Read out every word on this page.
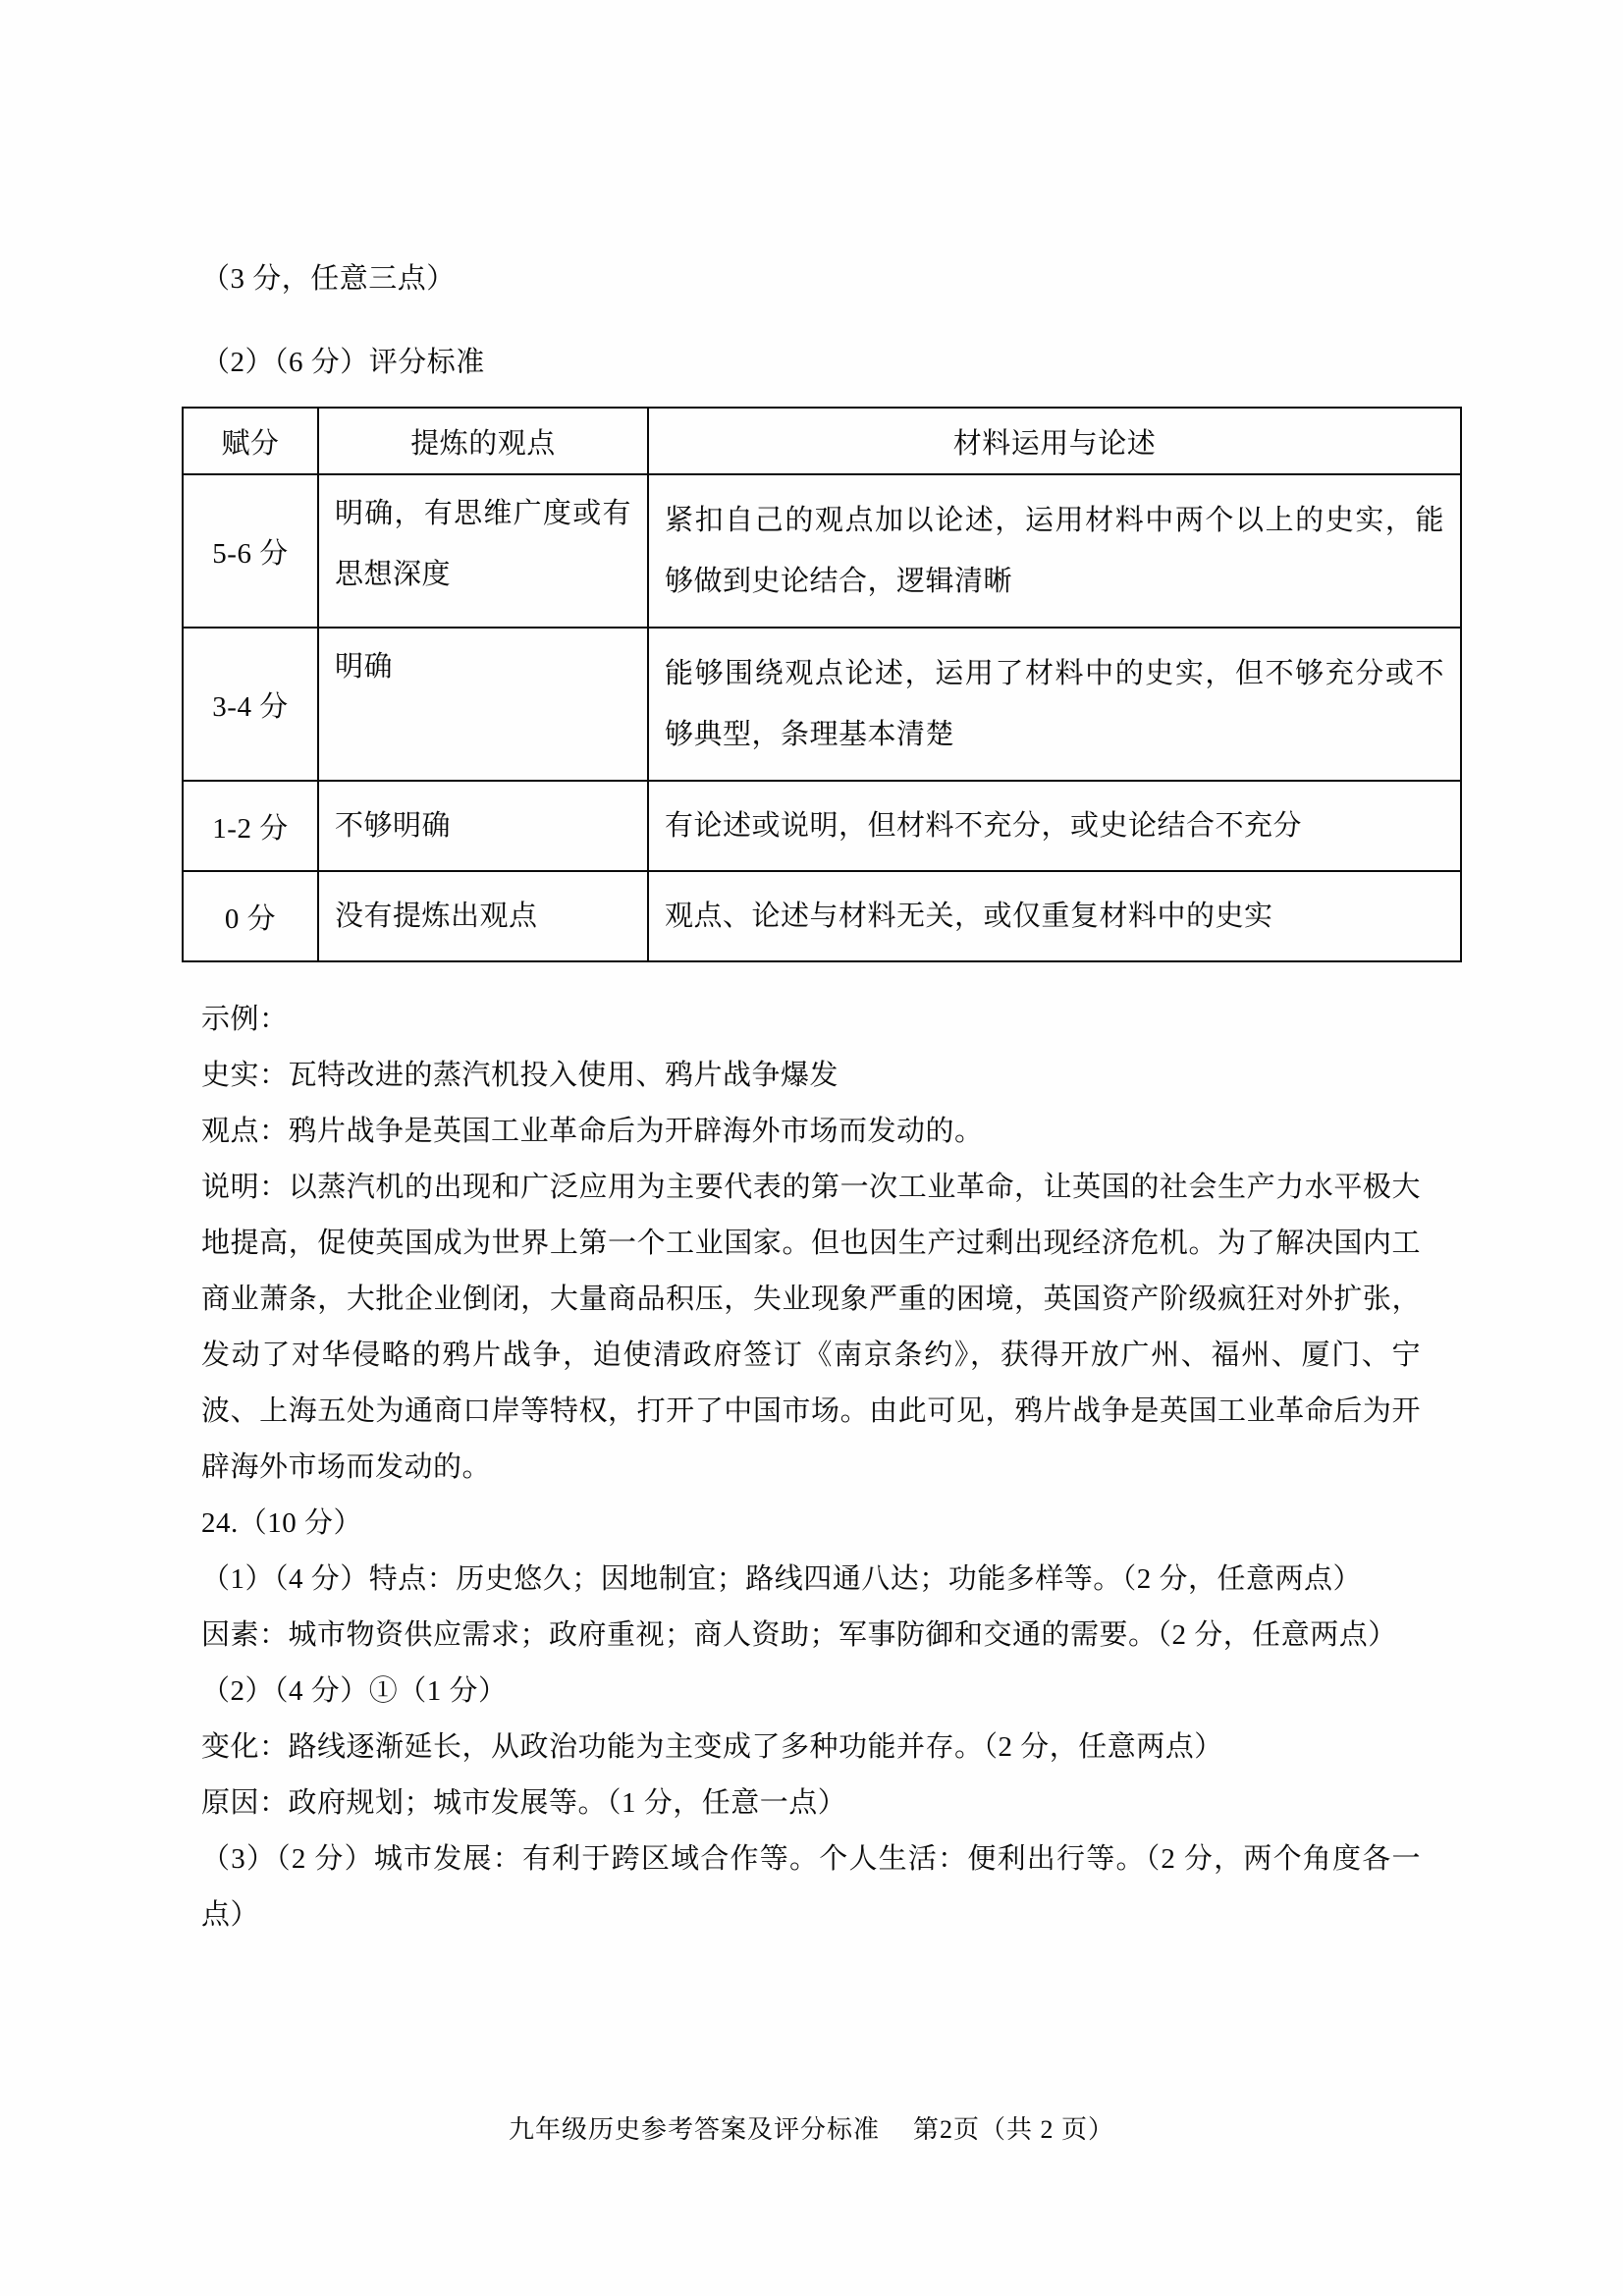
（3 分，任意三点）

（2）（6 分）评分标准

赋分	提炼的观点	材料运用与论述
5-6 分	明确，有思维广度或有思想深度	紧扣自己的观点加以论述，运用材料中两个以上的史实，能够做到史论结合，逻辑清晰
3-4 分	明确	能够围绕观点论述，运用了材料中的史实，但不够充分或不够典型，条理基本清楚
1-2 分	不够明确	有论述或说明，但材料不充分，或史论结合不充分
0 分	没有提炼出观点	观点、论述与材料无关，或仅重复材料中的史实

示例：

史实：瓦特改进的蒸汽机投入使用、鸦片战争爆发

观点：鸦片战争是英国工业革命后为开辟海外市场而发动的。

说明：以蒸汽机的出现和广泛应用为主要代表的第一次工业革命，让英国的社会生产力水平极大地提高，促使英国成为世界上第一个工业国家。但也因生产过剩出现经济危机。为了解决国内工商业萧条，大批企业倒闭，大量商品积压，失业现象严重的困境，英国资产阶级疯狂对外扩张，发动了对华侵略的鸦片战争，迫使清政府签订《南京条约》，获得开放广州、福州、厦门、宁波、上海五处为通商口岸等特权，打开了中国市场。由此可见，鸦片战争是英国工业革命后为开辟海外市场而发动的。

24.（10 分）

（1）（4 分）特点：历史悠久；因地制宜；路线四通八达；功能多样等。（2 分，任意两点）

因素：城市物资供应需求；政府重视；商人资助；军事防御和交通的需要。（2 分，任意两点）

（2）（4 分）①（1 分）

变化：路线逐渐延长，从政治功能为主变成了多种功能并存。（2 分，任意两点）

原因：政府规划；城市发展等。（1 分，任意一点）

（3）（2 分）城市发展：有利于跨区域合作等。个人生活：便利出行等。（2 分，两个角度各一点）

九年级历史参考答案及评分标准 第2页（共 2 页）
